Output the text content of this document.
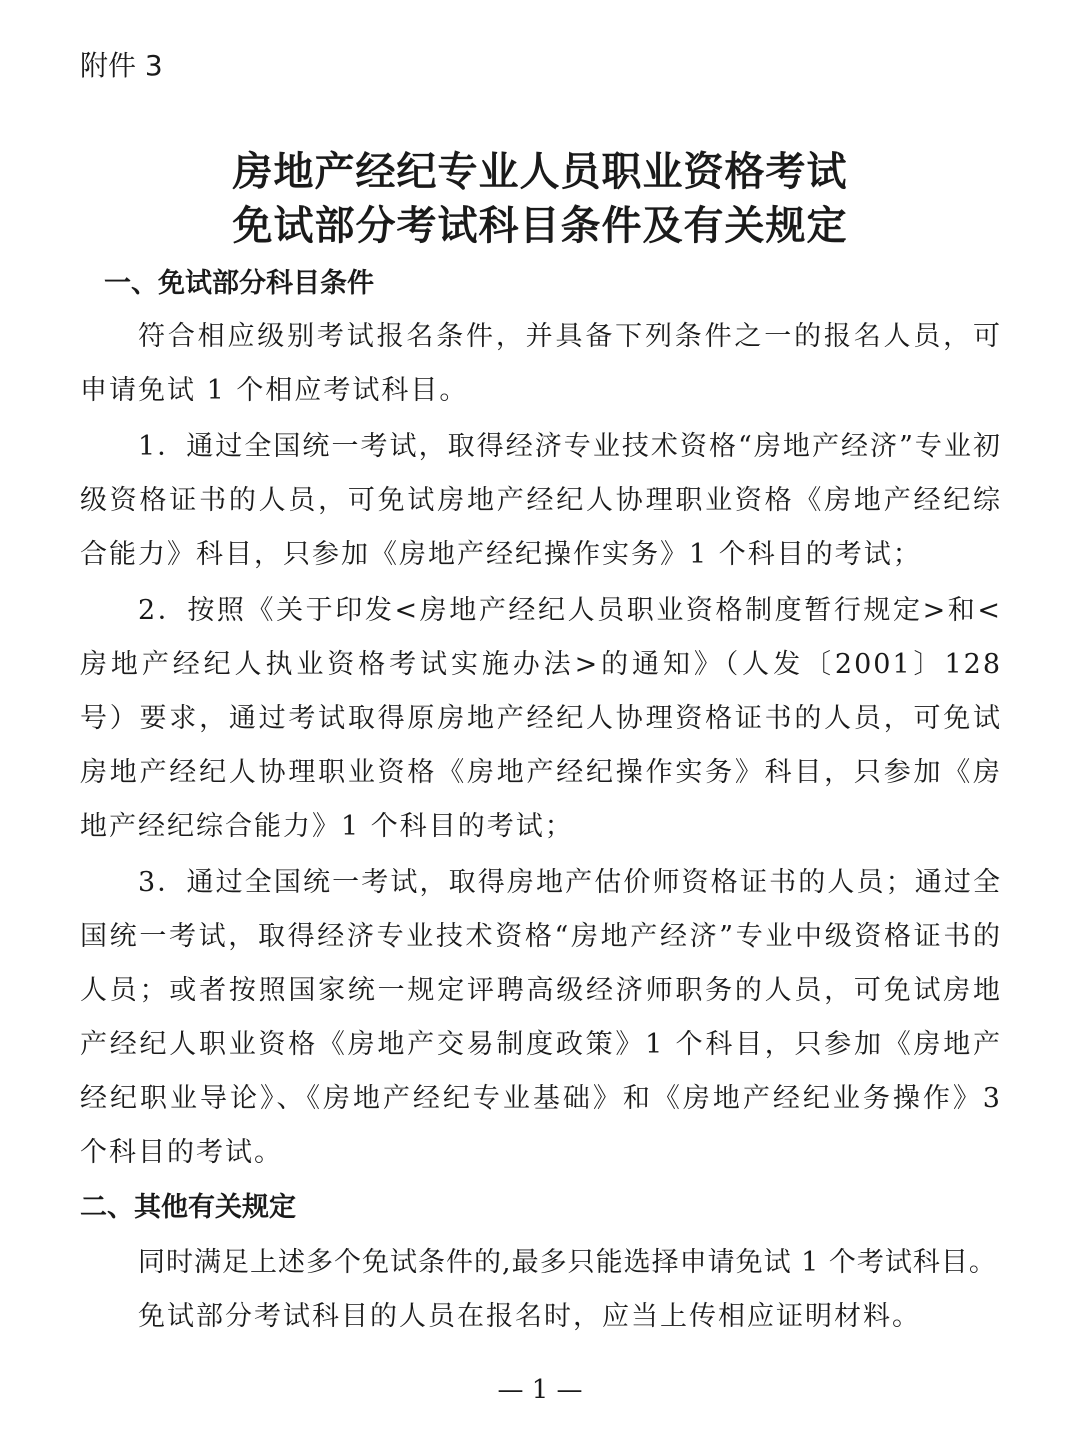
附件 3
房地产经纪专业人员职业资格考试
免试部分考试科目条件及有关规定
一、免试部分科目条件

符合相应级别考试报名条件，并具备下列条件之一的报名人员，可申请免试 1 个相应考试科目。

1．通过全国统一考试，取得经济专业技术资格“房地产经济”专业初级资格证书的人员，可免试房地产经纪人协理职业资格《房地产经纪综合能力》科目，只参加《房地产经纪操作实务》1 个科目的考试；

2．按照《关于印发<房地产经纪人员职业资格制度暂行规定>和<房地产经纪人执业资格考试实施办法>的通知》（人发〔2001〕128 号）要求，通过考试取得原房地产经纪人协理资格证书的人员，可免试房地产经纪人协理职业资格《房地产经纪操作实务》科目，只参加《房地产经纪综合能力》1 个科目的考试；

3．通过全国统一考试，取得房地产估价师资格证书的人员；通过全国统一考试，取得经济专业技术资格“房地产经济”专业中级资格证书的人员；或者按照国家统一规定评聘高级经济师职务的人员，可免试房地产经纪人职业资格《房地产交易制度政策》1 个科目，只参加《房地产经纪职业导论》、《房地产经纪专业基础》和《房地产经纪业务操作》3 个科目的考试。

二、其他有关规定

同时满足上述多个免试条件的,最多只能选择申请免试 1 个考试科目。

免试部分考试科目的人员在报名时，应当上传相应证明材料。

— 1 —
